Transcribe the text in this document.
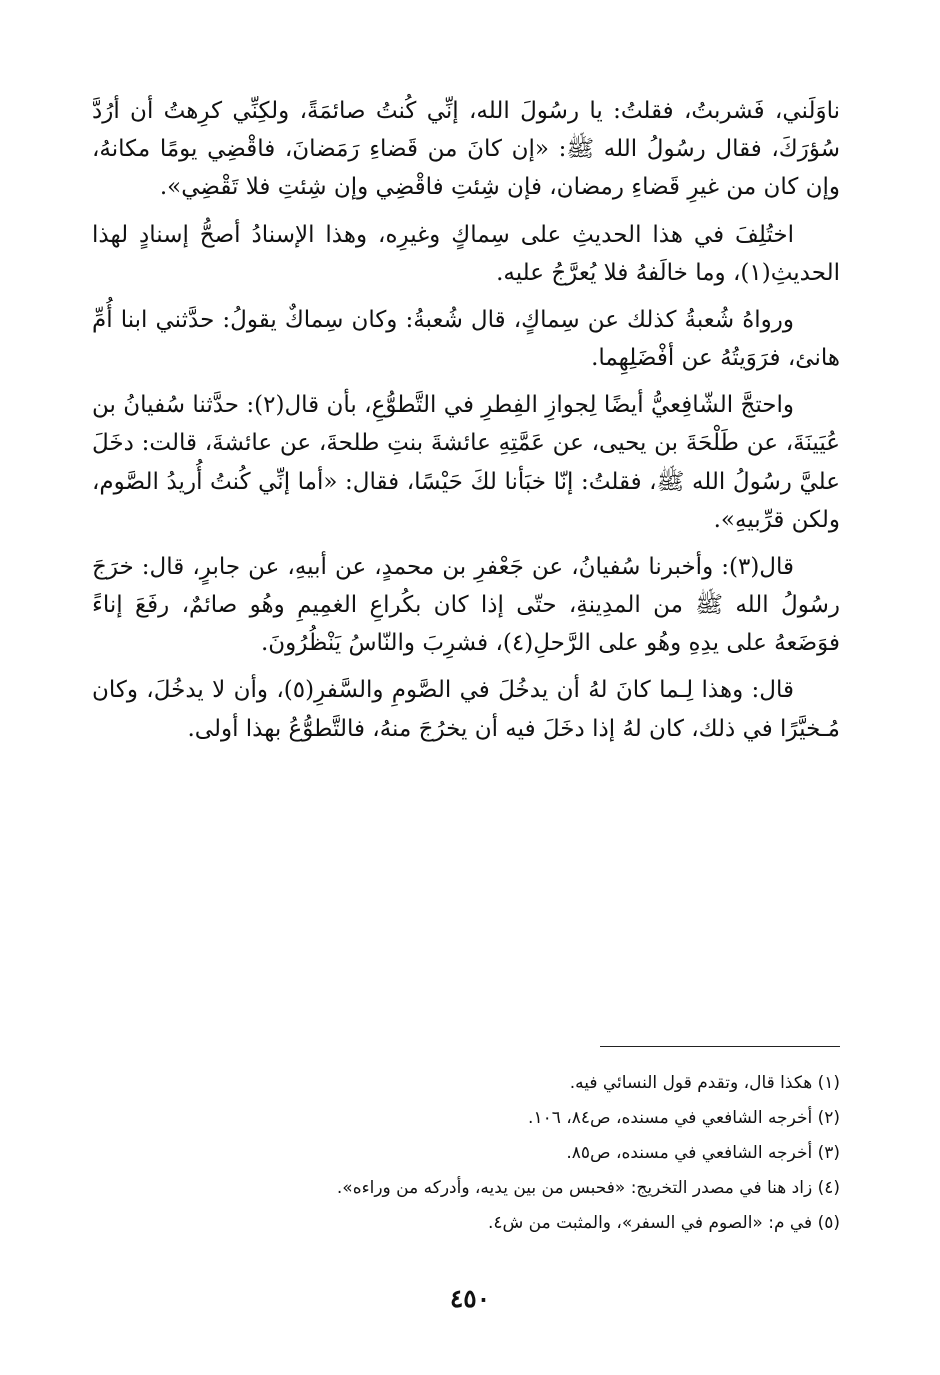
ناوَلَني، فَشربتُ، فقلتُ: يا رسُولَ الله، إنِّي كُنتُ صائمَةً، ولكِنِّي كرِهتُ أن أرُدَّ سُؤرَكَ، فقال رسُولُ الله ﷺ: «إن كانَ من قَضاءِ رَمَضانَ، فاقْضِي يومًا مكانهُ، وإن كان من غيرِ قَضاءِ رمضان، فإن شِئتِ فاقْضِي وإن شِئتِ فلا تَقْضِي».

اختُلِفَ في هذا الحديثِ على سِماكٍ وغيرِه، وهذا الإسنادُ أصحُّ إسنادٍ لهذا الحديثِ(١)، وما خالَفهُ فلا يُعرَّجُ عليه.

ورواهُ شُعبةُ كذلك عن سِماكٍ، قال شُعبةُ: وكان سِماكٌ يقولُ: حدَّثني ابنا أُمِّ هانئ، فرَوَيتُهُ عن أفْضَلِهِما.

واحتجَّ الشّافِعيُّ أيضًا لِجوازِ الفِطرِ في التَّطوُّعِ، بأن قال(٢): حدَّثنا سُفيانُ بن عُيَينَةَ، عن طَلْحَةَ بن يحيى، عن عَمَّتِهِ عائشةَ بنتِ طلحةَ، عن عائشةَ، قالت: دخَلَ عليَّ رسُولُ الله ﷺ، فقلتُ: إنّا خبَأنا لكَ حَيْسًا، فقال: «أما إنِّي كُنتُ أُريدُ الصَّوم، ولكن قرِّبيهِ».

قال(٣): وأخبرنا سُفيانُ، عن جَعْفرِ بن محمدٍ، عن أبيهِ، عن جابرٍ، قال: خرَجَ رسُولُ الله ﷺ من المدِينةِ، حتّى إذا كان بكُراعِ الغمِيمِ وهُو صائمٌ، رفَعَ إناءً فوَضَعهُ على يدِهِ وهُو على الرَّحلِ(٤)، فشرِبَ والنّاسُ يَنْظُرُونَ.

قال: وهذا لِـما كانَ لهُ أن يدخُلَ في الصَّومِ والسَّفرِ(٥)، وأن لا يدخُلَ، وكان مُـخيَّرًا في ذلك، كان لهُ إذا دخَلَ فيه أن يخرُجَ منهُ، فالتَّطوُّعُ بهذا أولى.

(١) هكذا قال، وتقدم قول النسائي فيه.
(٢) أخرجه الشافعي في مسنده، ص٨٤، ١٠٦.
(٣) أخرجه الشافعي في مسنده، ص٨٥.
(٤) زاد هنا في مصدر التخريج: «فحبس من بين يديه، وأدركه من وراءه».
(٥) في م: «الصوم في السفر»، والمثبت من ش٤.
٤٥٠
